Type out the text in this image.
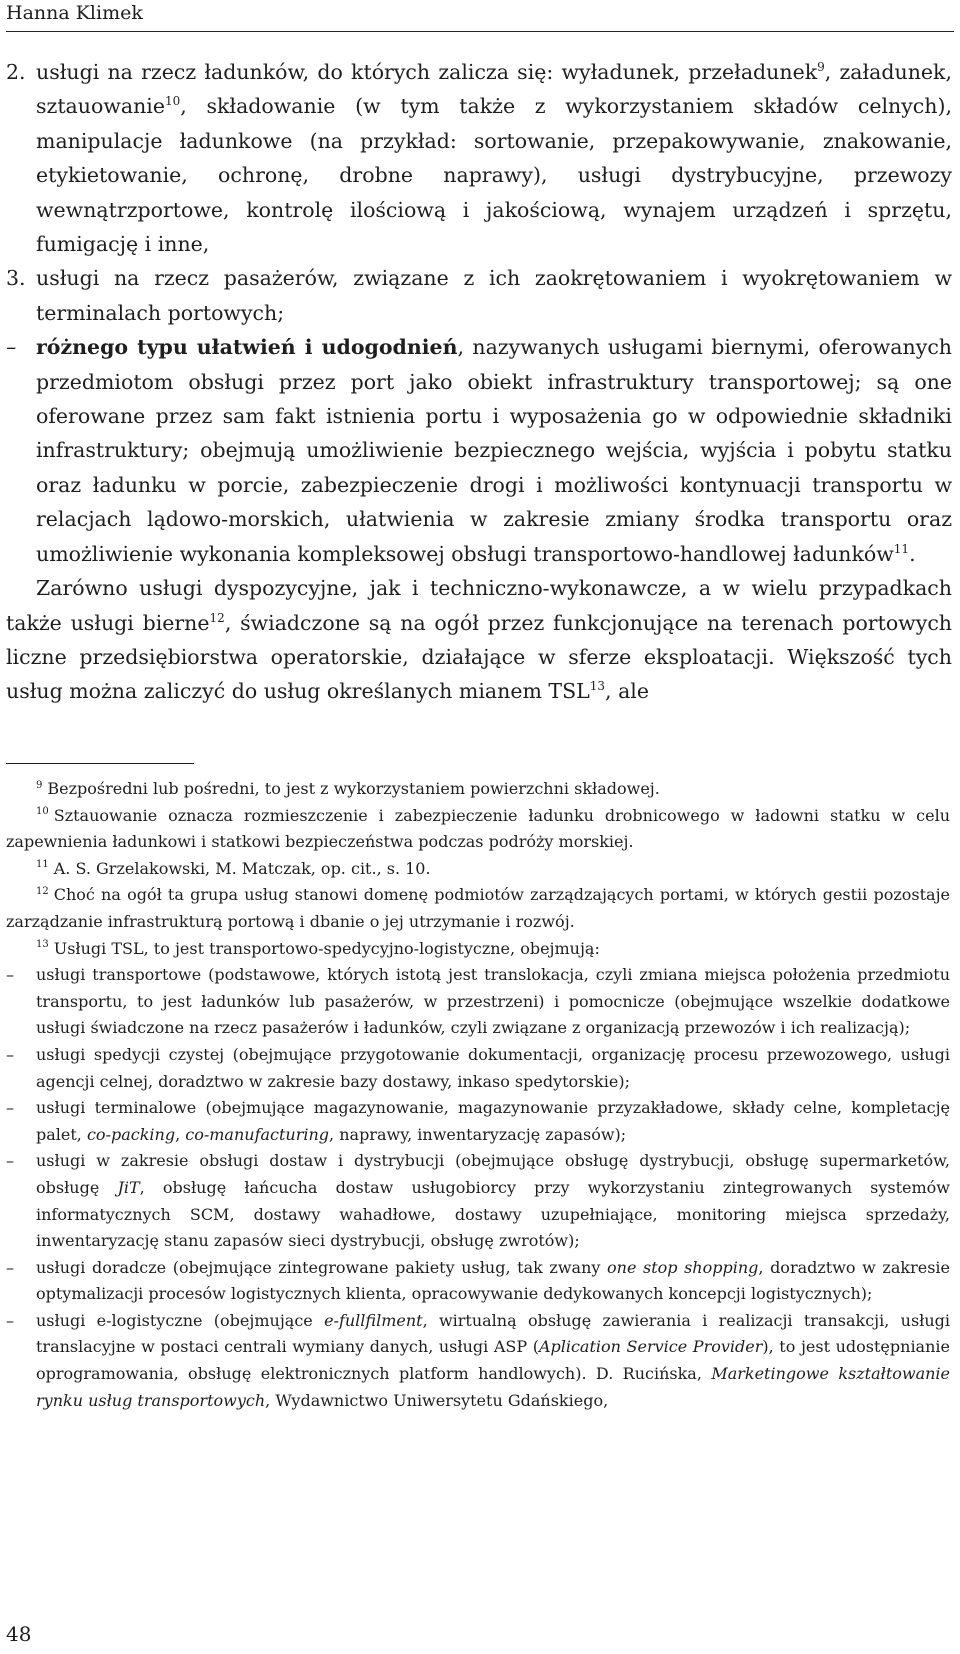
Hanna Klimek
2. usługi na rzecz ładunków, do których zalicza się: wyładunek, przeładunek$^9$, załadunek, sztauowanie$^{10}$, składowanie (w tym także z wykorzystaniem składów celnych), manipulacje ładunkowe (na przykład: sortowanie, przepakowywanie, znakowanie, etykietowanie, ochronę, drobne naprawy), usługi dystrybucyjne, przewozy wewnątrzportowe, kontrolę ilościową i jakościową, wynajem urządzeń i sprzętu, fumigację i inne,
3. usługi na rzecz pasażerów, związane z ich zaokrętowaniem i wyokrętowaniem w terminalach portowych;
– różnego typu ułatwień i udogodnień, nazywanych usługami biernymi, oferowanych przedmiotom obsługi przez port jako obiekt infrastruktury transportowej; są one oferowane przez sam fakt istnienia portu i wyposażenia go w odpowiednie składniki infrastruktury; obejmują umożliwienie bezpiecznego wejścia, wyjścia i pobytu statku oraz ładunku w porcie, zabezpieczenie drogi i możliwości kontynuacji transportu w relacjach lądowo-morskich, ułatwienia w zakresie zmiany środka transportu oraz umożliwienie wykonania kompleksowej obsługi transportowo-handlowej ładunków$^{11}$.
Zarówno usługi dyspozycyjne, jak i techniczno-wykonawcze, a w wielu przypadkach także usługi bierne$^{12}$, świadczone są na ogół przez funkcjonujące na terenach portowych liczne przedsiębiorstwa operatorskie, działające w sferze eksploatacji. Większość tych usług można zaliczyć do usług określanych mianem TSL$^{13}$, ale
$^9$ Bezpośredni lub pośredni, to jest z wykorzystaniem powierzchni składowej.
$^{10}$ Sztauowanie oznacza rozmieszczenie i zabezpieczenie ładunku drobnicowego w ładowni statku w celu zapewnienia ładunkowi i statkowi bezpieczeństwa podczas podróży morskiej.
$^{11}$ A. S. Grzelakowski, M. Matczak, op. cit., s. 10.
$^{12}$ Choć na ogół ta grupa usług stanowi domenę podmiotów zarządzających portami, w których gestii pozostaje zarządzanie infrastrukturą portową i dbanie o jej utrzymanie i rozwój.
$^{13}$ Usługi TSL, to jest transportowo-spedycyjno-logistyczne, obejmują:
– usługi transportowe (podstawowe, których istotą jest translokacja, czyli zmiana miejsca położenia przedmiotu transportu, to jest ładunków lub pasażerów, w przestrzeni) i pomocnicze (obejmujące wszelkie dodatkowe usługi świadczone na rzecz pasażerów i ładunków, czyli związane z organizacją przewozów i ich realizacją);
– usługi spedycji czystej (obejmujące przygotowanie dokumentacji, organizację procesu przewozowego, usługi agencji celnej, doradztwo w zakresie bazy dostawy, inkaso spedytorskie);
– usługi terminalowe (obejmujące magazynowanie, magazynowanie przyzakładowe, składy celne, kompletację palet, co-packing, co-manufacturing, naprawy, inwentaryzację zapasów);
– usługi w zakresie obsługi dostaw i dystrybucji (obejmujące obsługę dystrybucji, obsługę supermarketów, obsługę JiT, obsługę łańcucha dostaw usługobiorcy przy wykorzystaniu zintegrowanych systemów informatycznych SCM, dostawy wahadłowe, dostawy uzupełniające, monitoring miejsca sprzedaży, inwentaryzację stanu zapasów sieci dystrybucji, obsługę zwrotów);
– usługi doradcze (obejmujące zintegrowane pakiety usług, tak zwany one stop shopping, doradztwo w zakresie optymalizacji procesów logistycznych klienta, opracowywanie dedykowanych koncepcji logistycznych);
– usługi e-logistyczne (obejmujące e-fullfilment, wirtualną obsługę zawierania i realizacji transakcji, usługi translacyjne w postaci centrali wymiany danych, usługi ASP (Aplication Service Provider), to jest udostępnianie oprogramowania, obsługę elektronicznych platform handlowych). D. Rucińska, Marketingowe kształtowanie rynku usług transportowych, Wydawnictwo Uniwersytetu Gdańskiego,
48
